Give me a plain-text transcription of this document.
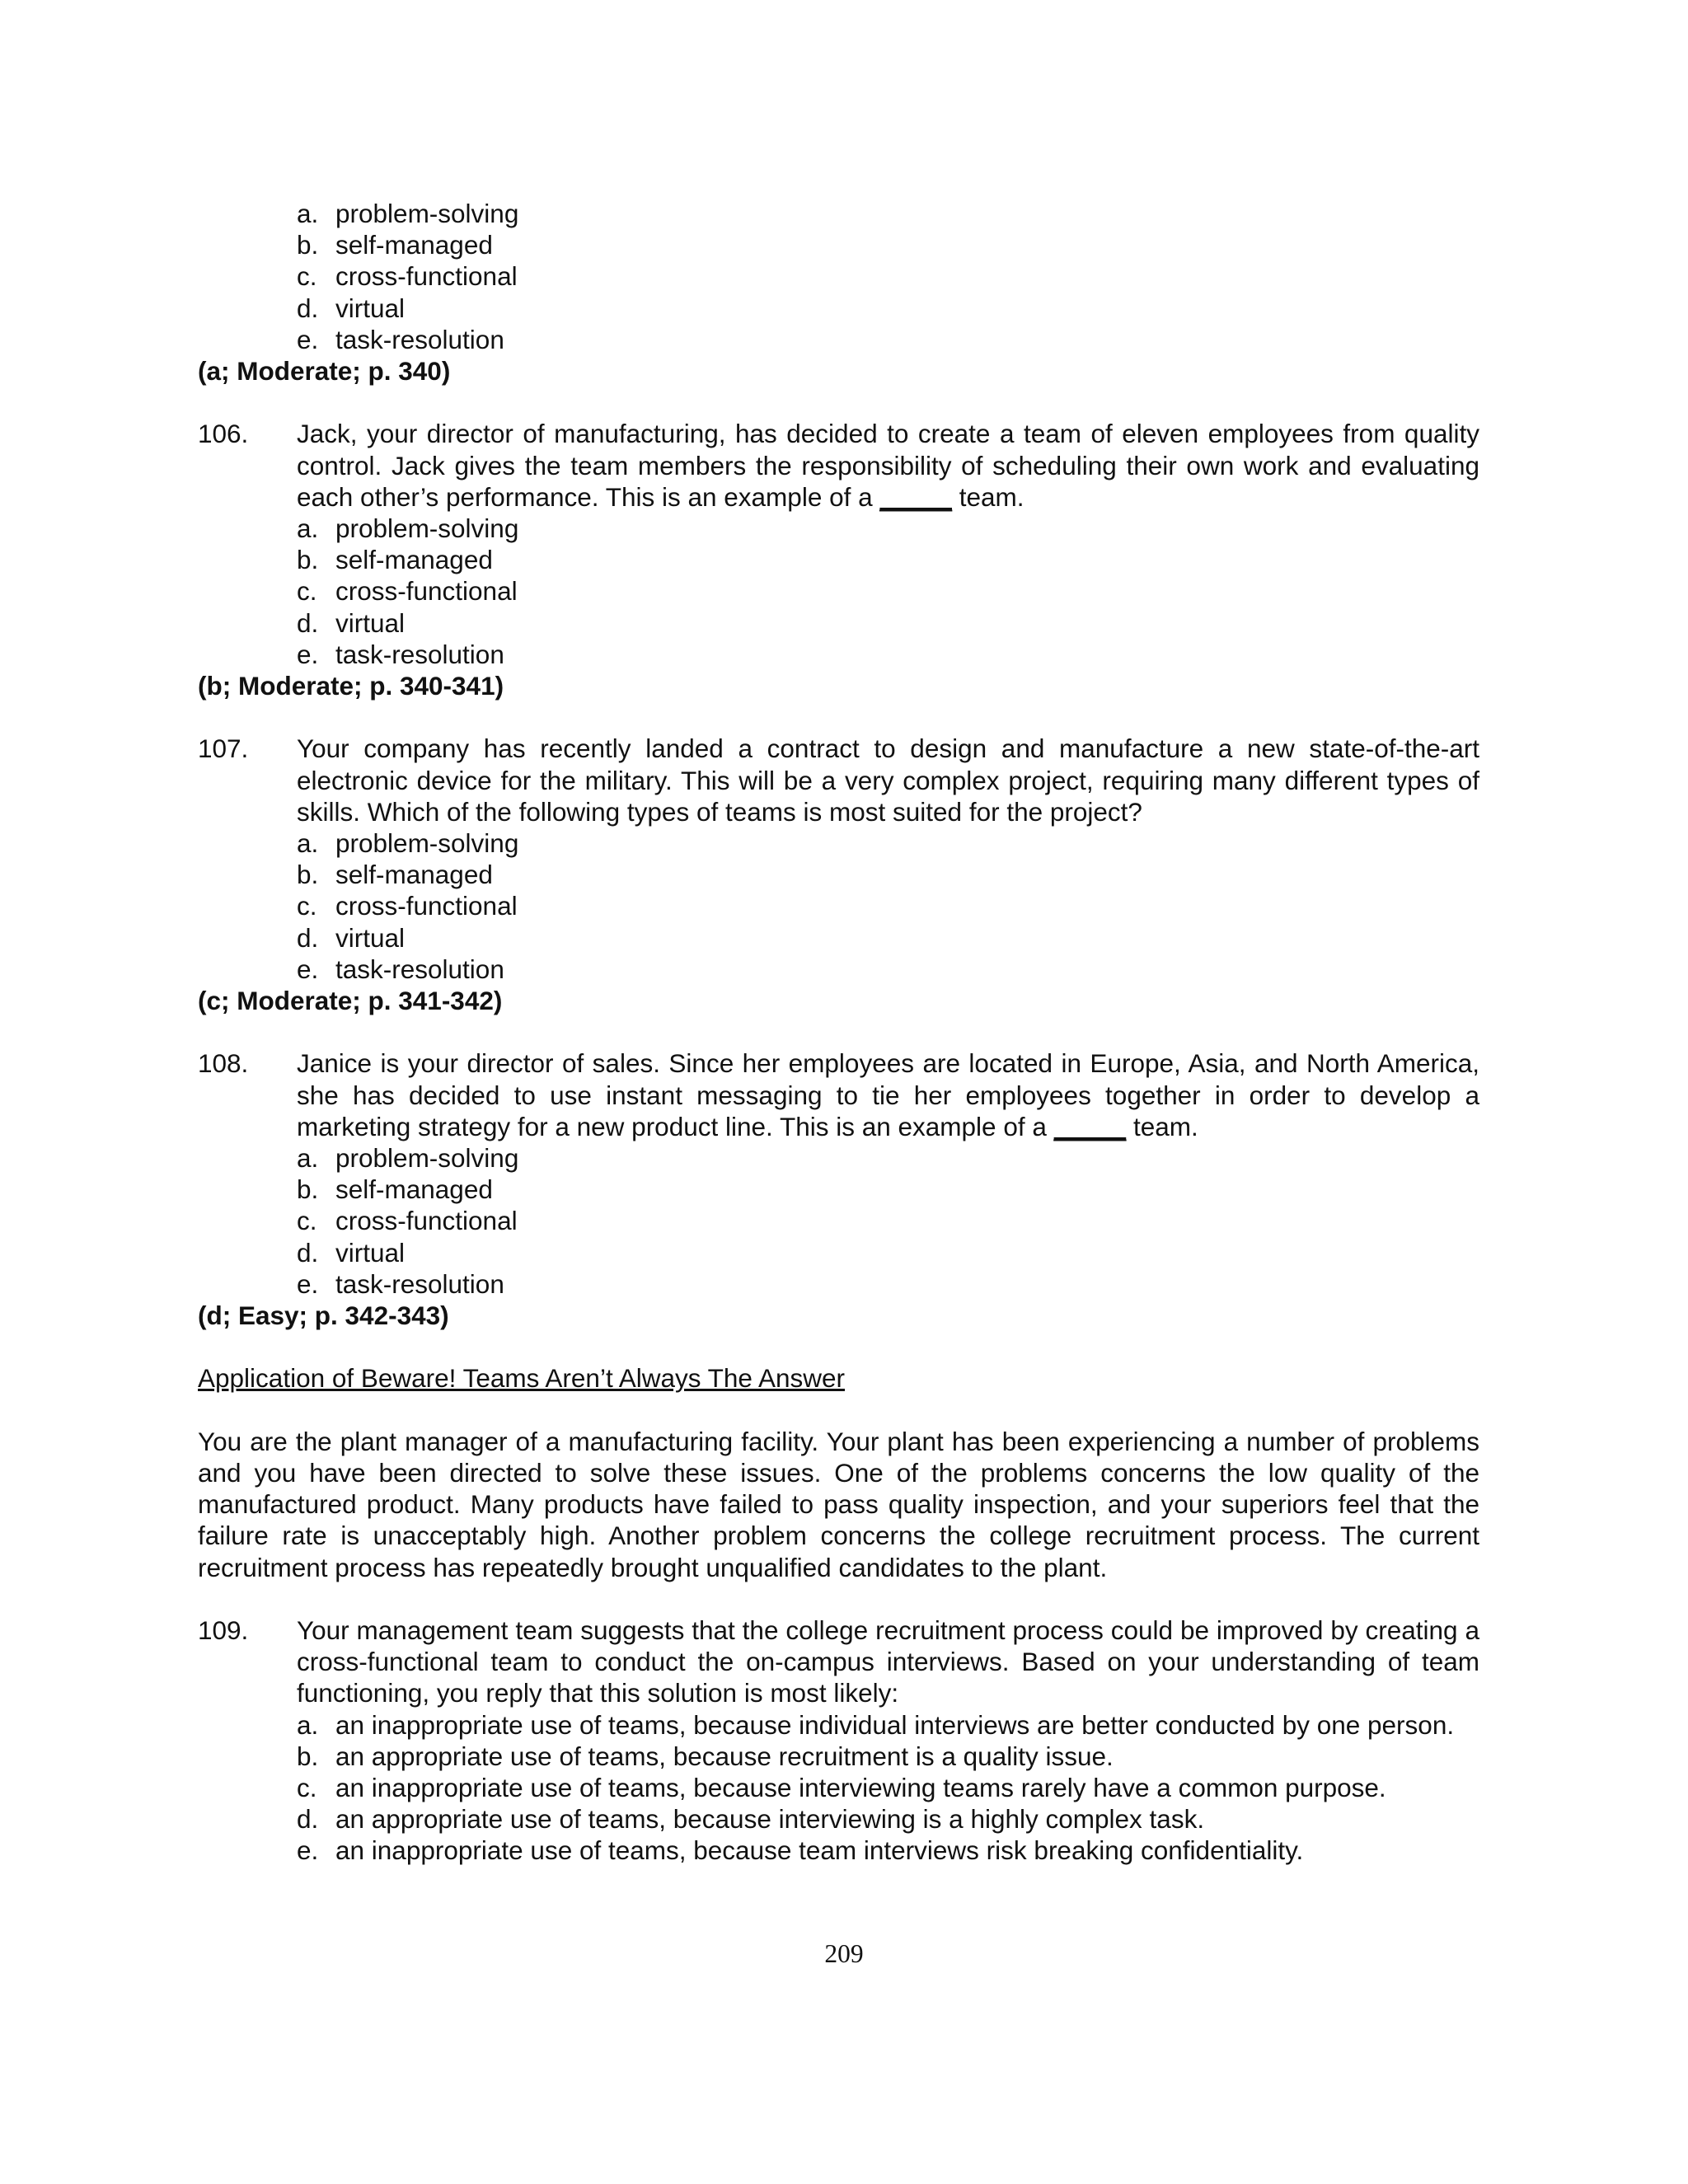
a. problem-solving
b. self-managed
c. cross-functional
d. virtual
e. task-resolution
(a; Moderate; p. 340)
106.	Jack, your director of manufacturing, has decided to create a team of eleven employees from quality control. Jack gives the team members the responsibility of scheduling their own work and evaluating each other’s performance. This is an example of a _____ team.
a. problem-solving
b. self-managed
c. cross-functional
d. virtual
e. task-resolution
(b; Moderate; p. 340-341)
107.	Your company has recently landed a contract to design and manufacture a new state-of-the-art electronic device for the military. This will be a very complex project, requiring many different types of skills. Which of the following types of teams is most suited for the project?
a. problem-solving
b. self-managed
c. cross-functional
d. virtual
e. task-resolution
(c; Moderate; p. 341-342)
108.	Janice is your director of sales. Since her employees are located in Europe, Asia, and North America, she has decided to use instant messaging to tie her employees together in order to develop a marketing strategy for a new product line. This is an example of a _____ team.
a. problem-solving
b. self-managed
c. cross-functional
d. virtual
e. task-resolution
(d; Easy; p. 342-343)
Application of Beware! Teams Aren’t Always The Answer
You are the plant manager of a manufacturing facility. Your plant has been experiencing a number of problems and you have been directed to solve these issues. One of the problems concerns the low quality of the manufactured product. Many products have failed to pass quality inspection, and your superiors feel that the failure rate is unacceptably high. Another problem concerns the college recruitment process. The current recruitment process has repeatedly brought unqualified candidates to the plant.
109.	Your management team suggests that the college recruitment process could be improved by creating a cross-functional team to conduct the on-campus interviews. Based on your understanding of team functioning, you reply that this solution is most likely:
a. an inappropriate use of teams, because individual interviews are better conducted by one person.
b. an appropriate use of teams, because recruitment is a quality issue.
c. an inappropriate use of teams, because interviewing teams rarely have a common purpose.
d. an appropriate use of teams, because interviewing is a highly complex task.
e. an inappropriate use of teams, because team interviews risk breaking confidentiality.
209
